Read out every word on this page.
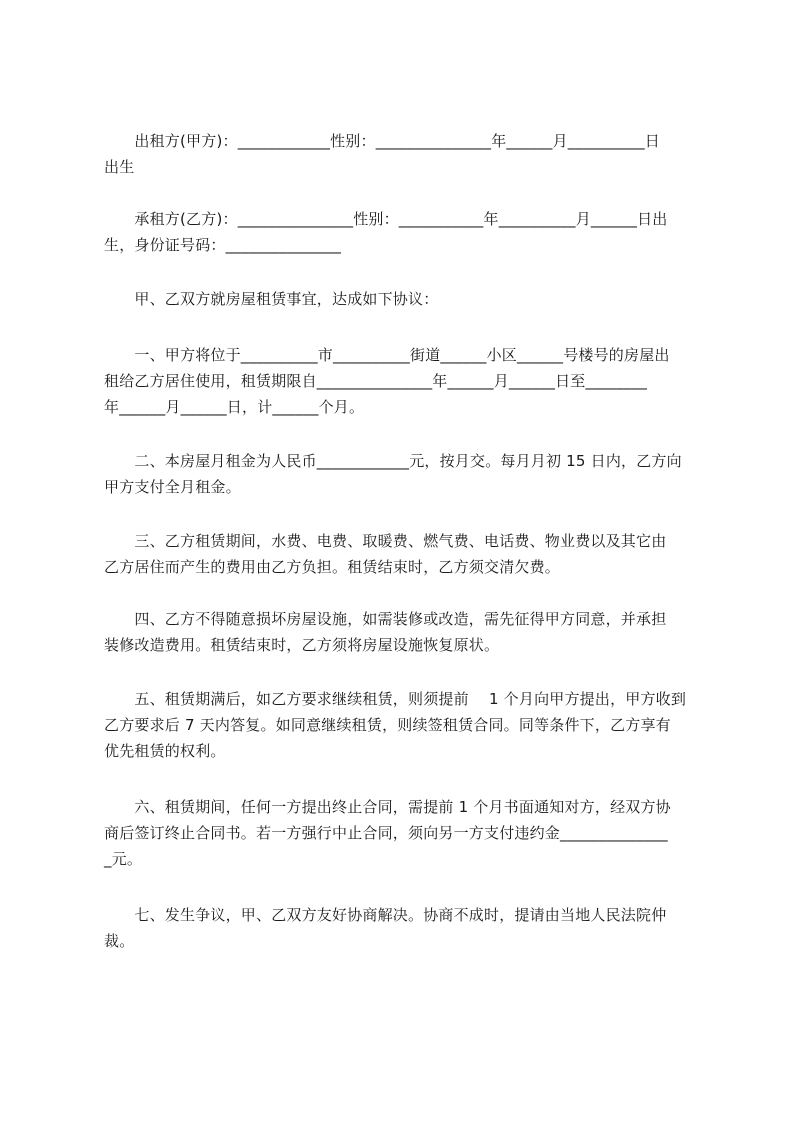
　　出租方(甲方)：____________性别：_______________年______月__________日
出生
　　承租方(乙方)：_______________性别：___________年__________月______日出
生，身份证号码：_______________
　　甲、乙双方就房屋租赁事宜，达成如下协议：
　　一、甲方将位于__________市__________街道______小区______号楼号的房屋出
租给乙方居住使用，租赁期限自_______________年______月______日至________
年______月______日，计______个月。
　　二、本房屋月租金为人民币____________元，按月交。每月月初 15 日内，乙方向
甲方支付全月租金。
　　三、乙方租赁期间，水费、电费、取暖费、燃气费、电话费、物业费以及其它由
乙方居住而产生的费用由乙方负担。租赁结束时，乙方须交清欠费。
　　四、乙方不得随意损坏房屋设施，如需装修或改造，需先征得甲方同意，并承担
装修改造费用。租赁结束时，乙方须将房屋设施恢复原状。
　　五、租赁期满后，如乙方要求继续租赁，则须提前　 1 个月向甲方提出，甲方收到
乙方要求后 7 天内答复。如同意继续租赁，则续签租赁合同。同等条件下，乙方享有
优先租赁的权利。
　　六、租赁期间，任何一方提出终止合同，需提前 1 个月书面通知对方，经双方协
商后签订终止合同书。若一方强行中止合同，须向另一方支付违约金______________
_元。
　　七、发生争议，甲、乙双方友好协商解决。协商不成时，提请由当地人民法院仲
裁。
